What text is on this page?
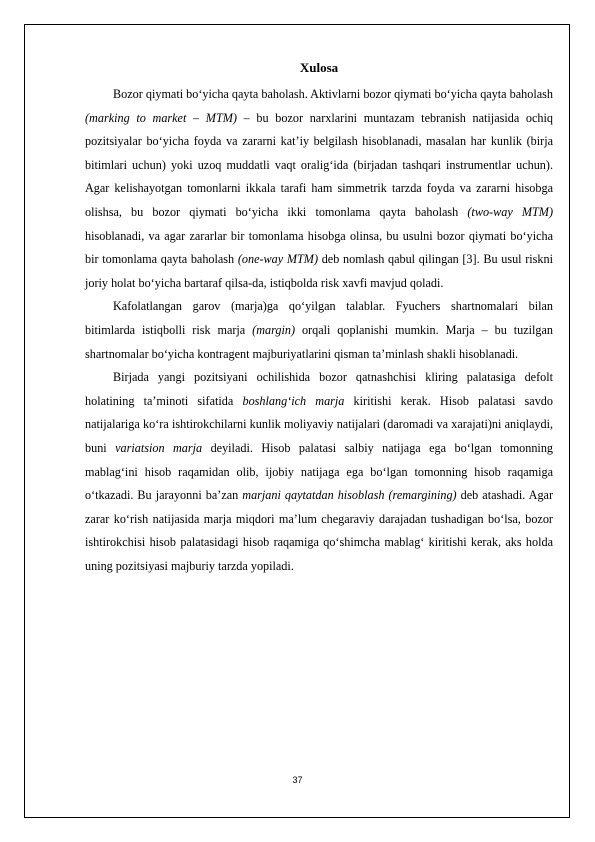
Xulosa

Bozor qiymati bo‘yicha qayta baholash. Aktivlarni bozor qiymati bo‘yicha qayta baholash (marking to market – MTM) – bu bozor narxlarini muntazam tebranish natijasida ochiq pozitsiyalar bo‘yicha foyda va zararni kat’iy belgilash hisoblanadi, masalan har kunlik (birja bitimlari uchun) yoki uzoq muddatli vaqt oralig‘ida (birjadan tashqari instrumentlar uchun). Agar kelishayotgan tomonlarni ikkala tarafi ham simmetrik tarzda foyda va zararni hisobga olishsa, bu bozor qiymati bo‘yicha ikki tomonlama qayta baholash (two-way MTM) hisoblanadi, va agar zararlar bir tomonlama hisobga olinsa, bu usulni bozor qiymati bo‘yicha bir tomonlama qayta baholash (one-way MTM) deb nomlash qabul qilingan [3]. Bu usul riskni joriy holat bo‘yicha bartaraf qilsa-da, istiqbolda risk xavfi mavjud qoladi.

Kafolatlangan garov (marja)ga qo‘yilgan talablar. Fyuchers shartnomalari bilan bitimlarda istiqbolli risk marja (margin) orqali qoplanishi mumkin. Marja – bu tuzilgan shartnomalar bo‘yicha kontragent majburiyatlarini qisman ta’minlash shakli hisoblanadi.

Birjada yangi pozitsiyani ochilishida bozor qatnashchisi kliring palatasiga defolt holatining ta’minoti sifatida boshlang‘ich marja kiritishi kerak. Hisob palatasi savdo natijalariga ko‘ra ishtirokchilarni kunlik moliyaviy natijalari (daromadi va xarajati)ni aniqlaydi, buni variatsion marja deyiladi. Hisob palatasi salbiy natijaga ega bo‘lgan tomonning mablag‘ini hisob raqamidan olib, ijobiy natijaga ega bo‘lgan tomonning hisob raqamiga o‘tkazadi. Bu jarayonni ba’zan marjani qaytatdan hisoblash (remargining) deb atashadi. Agar zarar ko‘rish natijasida marja miqdori ma’lum chegaraviy darajadan tushadigan bo‘lsa, bozor ishtirokchisi hisob palatasidagi hisob raqamiga qo‘shimcha mablag‘ kiritishi kerak, aks holda uning pozitsiyasi majburiy tarzda yopiladi.

37
